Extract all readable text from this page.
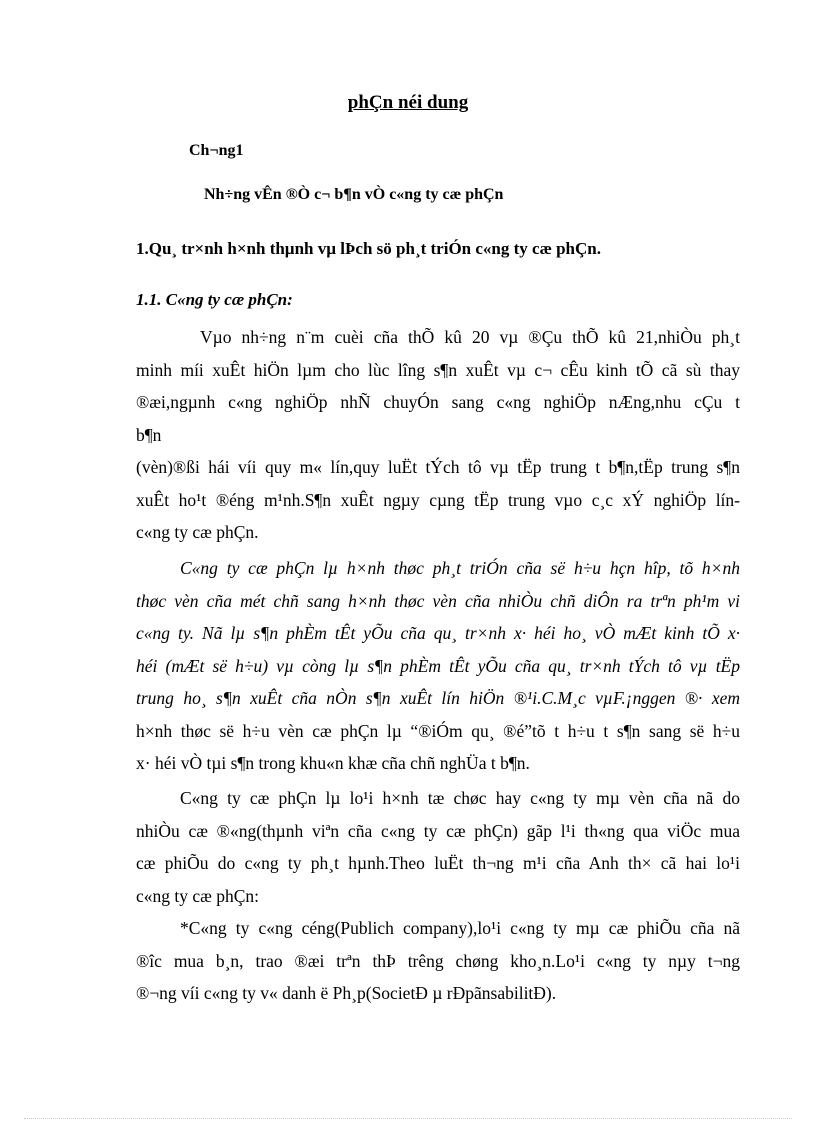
phÇn néi dung
Ch¬ng1
Nh÷ng vÊn ®Ò c¬ b¶n vÒ c«ng ty cæ phÇn
1.Qu¸ tr×nh h×nh thµnh vµ lÞch sö ph¸t triÓn c«ng ty cæ phÇn.
1.1. C«ng ty cæ phÇn:
Vµo nh÷ng n¨m cuèi cña thÕ kû 20 vµ ®Çu thÕ kû 21,nhiÒu ph¸t
minh míi xuÊt hiÖn lµm cho lùc lîng s¶n xuÊt vµ c¬ cÊu kinh tÕ cã sù thay
®æi,ngµnh c«ng nghiÖp nhÑ chuyÓn sang c«ng nghiÖp nÆng,nhu cÇu t
b¶n
(vèn)®ßi hái víi quy m« lín,quy luËt tÝch tô vµ tËp trung t b¶n,tËp trung s¶n
xuÊt ho¹t ®éng m¹nh.S¶n xuÊt ngµy cµng tËp trung vµo c¸c xÝ nghiÖp lín-
c«ng ty cæ phÇn.
C«ng ty cæ phÇn lµ h×nh thøc ph¸t triÓn cña së h÷u hçn hîp, tõ h×nh
thøc vèn cña mét chñ sang h×nh thøc vèn cña nhiÒu chñ diÔn ra trªn ph¹m vi
c«ng ty. Nã lµ s¶n phÈm tÊt yÕu cña qu¸ tr×nh x· héi ho¸ vÒ mÆt kinh tÕ x·
héi (mÆt së h÷u) vµ còng lµ s¶n phÈm tÊt yÕu cña qu¸ tr×nh tÝch tô vµ tËp
trung ho¸ s¶n xuÊt cña nÒn s¶n xuÊt lín hiÖn ®¹i.C.M¸c vµF.¡nggen ®· xem
h×nh thøc së h÷u vèn cæ phÇn lµ “®iÓm qu¸ ®é”tõ t h÷u t s¶n sang së h÷u
x· héi vÒ tµi s¶n trong khu«n khæ cña chñ nghÜa t b¶n.
C«ng ty cæ phÇn lµ lo¹i h×nh tæ chøc hay c«ng ty mµ vèn cña nã do
nhiÒu cæ ®«ng(thµnh viªn cña c«ng ty cæ phÇn) gãp l¹i th«ng qua viÖc mua
cæ phiÕu do c«ng ty ph¸t hµnh.Theo luËt th¬ng m¹i cña Anh th× cã hai lo¹i
c«ng ty cæ phÇn:
*C«ng ty c«ng céng(Publich company),lo¹i c«ng ty mµ cæ phiÕu cña nã
®îc mua b¸n, trao ®æi trªn thÞ trêng chøng kho¸n.Lo¹i c«ng ty nµy t¬ng
®¬ng víi c«ng ty v« danh ë Ph¸p(SocietÐ µ rÐpãnsabilitÐ).
